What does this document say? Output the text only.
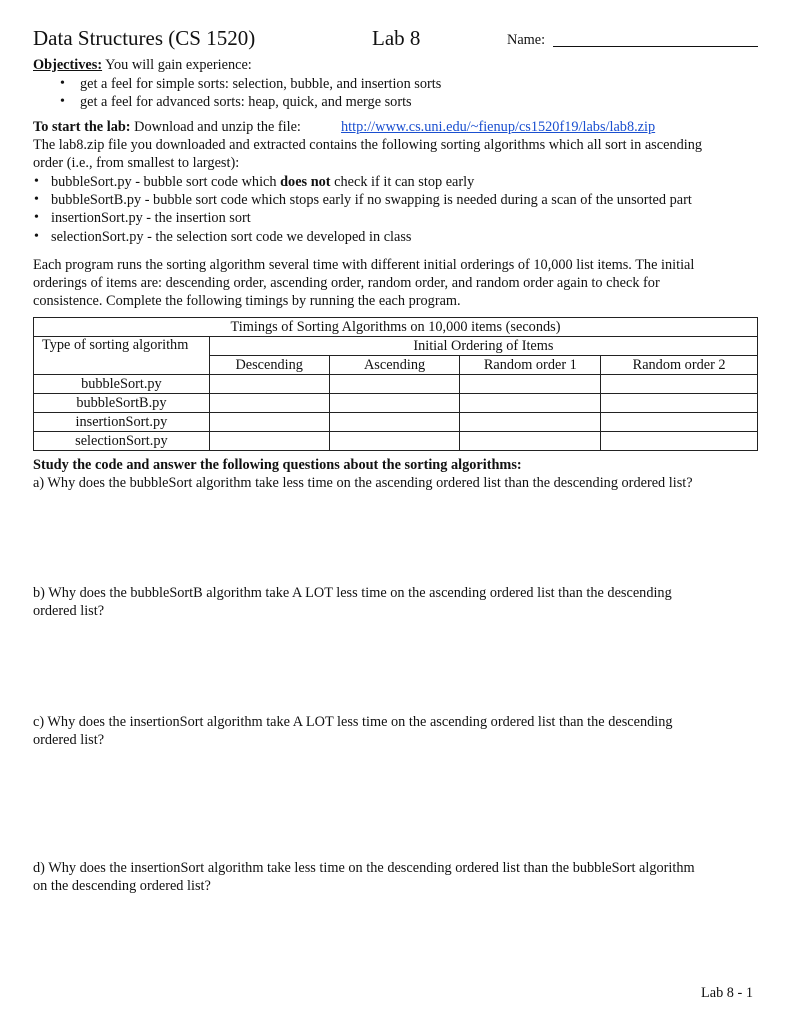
Data Structures (CS 1520)	Lab 8	Name:
Objectives: You will gain experience:
• get a feel for simple sorts: selection, bubble, and insertion sorts
• get a feel for advanced sorts: heap, quick, and merge sorts
To start the lab: Download and unzip the file:	http://www.cs.uni.edu/~fienup/cs1520f19/labs/lab8.zip
The lab8.zip file you downloaded and extracted contains the following sorting algorithms which all sort in ascending
order (i.e., from smallest to largest):
• bubbleSort.py - bubble sort code which does not check if it can stop early
• bubbleSortB.py - bubble sort code which stops early if no swapping is needed during a scan of the unsorted part
• insertionSort.py - the insertion sort
• selectionSort.py - the selection sort code we developed in class
Each program runs the sorting algorithm several time with different initial orderings of 10,000 list items. The initial
orderings of items are: descending order, ascending order, random order, and random order again to check for
consistence. Complete the following timings by running the each program.
Timings of Sorting Algorithms on 10,000 items (seconds)				
Type of sorting algorithm	Initial Ordering of Items			
	Descending	Ascending	Random order 1	Random order 2
bubbleSort.py				
bubbleSortB.py				
insertionSort.py				
selectionSort.py				
Study the code and answer the following questions about the sorting algorithms:
a) Why does the bubbleSort algorithm take less time on the ascending ordered list than the descending ordered list?
b) Why does the bubbleSortB algorithm take A LOT less time on the ascending ordered list than the descending
ordered list?
c) Why does the insertionSort algorithm take A LOT less time on the ascending ordered list than the descending
ordered list?
d) Why does the insertionSort algorithm take less time on the descending ordered list than the bubbleSort algorithm
on the descending ordered list?
Lab 8 - 1
